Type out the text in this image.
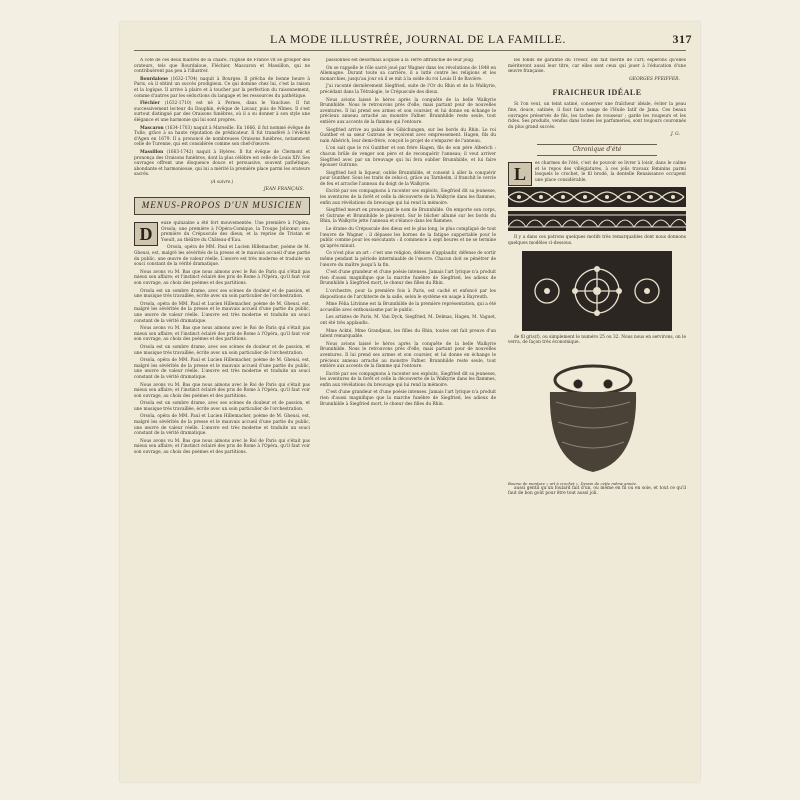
LA MODE ILLUSTRÉE, JOURNAL DE LA FAMILLE.	317

A côté de ces deux maîtres de la chaire, l'Église de France vit se grouper des orateurs, tels que Bourdaloue, Fléchier, Mascaron et Massillon, qui ne contribuèrent pas peu à l'illustrer.

Bourdaloue (1632-1704) naquit à Bourges. Il prêcha de bonne heure à Paris, où il obtint un succès prodigieux. Ce qui domine chez lui, c'est la raison et la logique. Il arrive à plaire et à toucher par la perfection du raisonnement, comme d'autres par les séductions du langage et les ressources du pathétique.

Fléchier (1632-1710) est né à Pernes, dans le Vaucluse. Il fut successivement lecteur du Dauphin, évêque de Lavaur, puis de Nîmes. Il s'est surtout distingué par des Oraisons funèbres, où il a su donner à son style une élégance et une harmonie qui lui sont propres.

Mascaron (1634-1703) naquit à Marseille. En 1666, il fut nommé évêque de Tulle, grâce à sa haute réputation de prédicateur. Il fut transféré à l'évêché d'Agen en 1679. Il a prononcé de nombreuses Oraisons funèbres, notamment celle de Turenne, qui est considérée comme son chef-d'œuvre.

Massillon (1663-1742) naquit à Hyères. Il fut évêque de Clermont et prononça des Oraisons funèbres, dont la plus célèbre est celle de Louis XIV. Ses ouvrages offrent une éloquence douce et persuasive, souvent pathétique, abondante et harmonieuse, qui lui a mérité la première place parmi les orateurs sacrés.

(A suivre.)
JEAN FRANÇAIS.
MENUS-PROPOS D'UN MUSICIEN

D
euxe quinzaine a été fort mouvementée. Une première à l'Opéra, Orsola; une première à l'Opéra-Comique, la Troupe Jolicœur; une première du Crépuscule des dieux; et la reprise de Tristan et Yseult, au théâtre du Château-d'Eau.

Orsola, opéra de MM. Paul et Lucien Hillemacher, poème de M. Gheusi, est, malgré les sévérités de la presse et le mauvais accueil d'une partie du public, une œuvre de valeur réelle. L'œuvre est très moderne et traduite un souci constant de la vérité dramatique.

Nous avons vu M. Bas que nous aimons avec le Roi de Paris qui s'était pas mieux son affaire; et l'instinct éclairé des pris de Rome à l'Opéra, qu'il faut voir son ouvrage, au choix des poèmes et des partitions.

Orsola est un sombre drame, avec ses scènes de douleur et de passion, et une musique très travaillée, écrite avec un soin particulier de l'orchestration.

Orsola, opéra de MM. Paul et Lucien Hillemacher, poème de M. Gheusi, est, malgré les sévérités de la presse et le mauvais accueil d'une partie du public, une œuvre de valeur réelle. L'œuvre est très moderne et traduite un souci constant de la vérité dramatique.

Nous avons vu M. Bas que nous aimons avec le Roi de Paris qui s'était pas mieux son affaire; et l'instinct éclairé des pris de Rome à l'Opéra, qu'il faut voir son ouvrage, au choix des poèmes et des partitions.

Orsola est un sombre drame, avec ses scènes de douleur et de passion, et une musique très travaillée, écrite avec un soin particulier de l'orchestration.

Orsola, opéra de MM. Paul et Lucien Hillemacher, poème de M. Gheusi, est, malgré les sévérités de la presse et le mauvais accueil d'une partie du public, une œuvre de valeur réelle. L'œuvre est très moderne et traduite un souci constant de la vérité dramatique.

Nous avons vu M. Bas que nous aimons avec le Roi de Paris qui s'était pas mieux son affaire; et l'instinct éclairé des pris de Rome à l'Opéra, qu'il faut voir son ouvrage, au choix des poèmes et des partitions.

Orsola est un sombre drame, avec ses scènes de douleur et de passion, et une musique très travaillée, écrite avec un soin particulier de l'orchestration.

Orsola, opéra de MM. Paul et Lucien Hillemacher, poème de M. Gheusi, est, malgré les sévérités de la presse et le mauvais accueil d'une partie du public, une œuvre de valeur réelle. L'œuvre est très moderne et traduite un souci constant de la vérité dramatique.

Nous avons vu M. Bas que nous aimons avec le Roi de Paris qui s'était pas mieux son affaire; et l'instinct éclairé des pris de Rome à l'Opéra, qu'il faut voir son ouvrage, au choix des poèmes et des partitions.

passionnés est désormais acquise à la Terre affranchie de leur joug.

On se rappelle le rôle sacré joué par Wagner dans les révolutions de 1848 en Allemagne. Durant toute sa carrière, il a lutté contre les religions et les monarchies, jusqu'au jour où il se mit à la solde du roi Louis II de Bavière.

J'ai raconté dernièrement Siegfried, suite de l'Or du Rhin et de la Walkyrie, précédant dans la Tétralogie, le Crépuscule des dieux.

Nous avions laissé le héros après la conquête de la belle Walkyrie Brunnhilde. Nous le retrouvons près d'elle, mais partant pour de nouvelles aventures. Il lui prend ses armes et son coursier, et lui donne en échange le précieux anneau arraché au monstre Fafner. Brunnhilde reste seule, tout entière aux accents de la flamme qui l'entoure.

Siegfried arrive au palais des Gibichungen, sur les bords du Rhin. Le roi Gunther et sa sœur Gutrune le reçoivent avec empressement. Hagen, fils du nain Albérich, leur demi-frère, conçoit le projet de s'emparer de l'anneau.

L'on sait que le roi Gunther et son frère Hagen, fils de son père Alberich : chacun brûle de venger son père et de reconquérir l'anneau; il veut arriver Siegfried avec par un breuvage qui lui fera oublier Brunnhilde, et lui faire épouser Gutrune.

Siegfried boit la liqueur, oublie Brunnhilde, et consent à aller la conquérir pour Gunther. Sous les traits de celui-ci, grâce au Tarnhelm, il franchit le cercle de feu et arrache l'anneau du doigt de la Walkyrie.

Excité par ses compagnons à raconter ses exploits, Siegfried dit sa jeunesse, les aventures de la forêt et celle la découverte de la Walkyrie dans les flammes, enfin aux révélations du breuvage qui lui rend la mémoire.

Siegfried meurt en prononçant le nom de Brunnhilde. On emporte son corps, et Gutrune et Brunnhilde le pleurent. Sur le bûcher allumé sur les bords du Rhin, la Walkyrie jette l'anneau et s'élance dans les flammes.

Le drame du Crépuscule des dieux est le plus long, le plus compliqué de tout l'œuvre de Wagner : il dépasse les bornes de la fatigue supportable pour le public comme pour les exécutants : il commence à sept heures et ne se termine qu'après minuit.

Ce n'est plus un art : c'est une religion, défense d'applaudir, défense de sortir même pendant la période interminable de l'œuvre. Chacun doit se pénétrer de l'œuvre du maître jusqu'à la fin.

C'est d'une grandeur et d'une poésie intenses. Jamais l'art lyrique n'a produit rien d'aussi magnifique que la marche funèbre de Siegfried, les adieux de Brunnhilde à Siegfried mort, le chœur des filles du Rhin.

L'orchestre, pour la première fois à Paris, est caché et enfoncé par les dispositions de l'architecte de la salle, selon le système en usage à Bayreuth.

Mme Félia Litvinne est la Brunnhilde de la première représentation, qui a été accueillie avec enthousiasme par le public.

Les artistes de Paris, M. Van Dyck, Siegfried, M. Delmas, Hagen, M. Vaguet, ont été très applaudis.

Mme Ackté, Mme Grandjean, les filles du Rhin, toutes ont fait preuve d'un talent remarquable.

Nous avions laissé le héros après la conquête de la belle Walkyrie Brunnhilde. Nous le retrouvons près d'elle, mais partant pour de nouvelles aventures. Il lui prend ses armes et son coursier, et lui donne en échange le précieux anneau arraché au monstre Fafner. Brunnhilde reste seule, tout entière aux accents de la flamme qui l'entoure.

Excité par ses compagnons à raconter ses exploits, Siegfried dit sa jeunesse, les aventures de la forêt et celle la découverte de la Walkyrie dans les flammes, enfin aux révélations du breuvage qui lui rend la mémoire.

C'est d'une grandeur et d'une poésie intenses. Jamais l'art lyrique n'a produit rien d'aussi magnifique que la marche funèbre de Siegfried, les adieux de Brunnhilde à Siegfried mort, le chœur des filles du Rhin.

les fonds de garantie du Trésor, ont fait mérité de l'art; espérons qu'elles mériteront aussi leur titre, car elles sont ceux qui jouer à l'éducation d'une œuvre française.

GEORGES PFEIFFER.
FRAICHEUR IDÉALE

Si l'on veut, un teint satiné, conserver une fraîcheur idéale, éviter la peau fine, douce, satinée, il faut faire usage de l'Huile Iatif de Jama. Ces beaux ouvrages préservés de fils, les taches de rousseur ; garde les rougeurs et les rides. Ses produits, vendus dans toutes les parfumeries, sont toujours couronnés du plus grand succès.

J. G.
Chronique d'été

L
es charmes de l'été, c'est de pouvoir se livrer à loisir, dans le calme et le repos des villégiatures, à ces jolis travaux féminins parmi lesquels le crochet, le fil brodé, la dentelle Renaissance occupent une place considérable.

Il y a dans ces patrons quelques motifs très remarquables dont nous donnons quelques modèles ci-dessous.

de fil gris(f), ou simplement le numéro 25 ou 32. Nous nous en servirons, on le verra, de façon très économique.

Bourse de monture « art à crochet ». Dessin de cette même année.

aussi gentil qu'un foulard fait d'un, ou même en fil ou en soie, et tout ce qu'il faut de bon goût pour être tout aussi joli.
